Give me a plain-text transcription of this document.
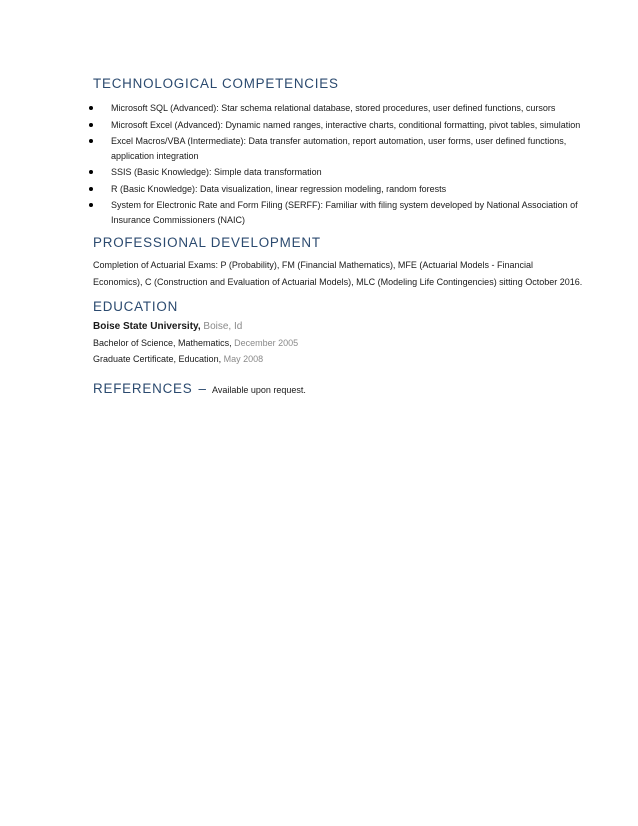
TECHNOLOGICAL COMPETENCIES
Microsoft SQL (Advanced): Star schema relational database, stored procedures, user defined functions, cursors
Microsoft Excel (Advanced): Dynamic named ranges, interactive charts, conditional formatting, pivot tables, simulation
Excel Macros/VBA (Intermediate): Data transfer automation, report automation, user forms, user defined functions, application integration
SSIS (Basic Knowledge): Simple data transformation
R (Basic Knowledge): Data visualization, linear regression modeling, random forests
System for Electronic Rate and Form Filing (SERFF): Familiar with filing system developed by National Association of Insurance Commissioners (NAIC)
PROFESSIONAL DEVELOPMENT

Completion of Actuarial Exams: P (Probability), FM (Financial Mathematics), MFE (Actuarial Models - Financial Economics), C (Construction and Evaluation of Actuarial Models), MLC (Modeling Life Contingencies) sitting October 2016.

EDUCATION
Boise State University, Boise, Id
Bachelor of Science, Mathematics, December 2005
Graduate Certificate, Education, May 2008
REFERENCES – Available upon request.
